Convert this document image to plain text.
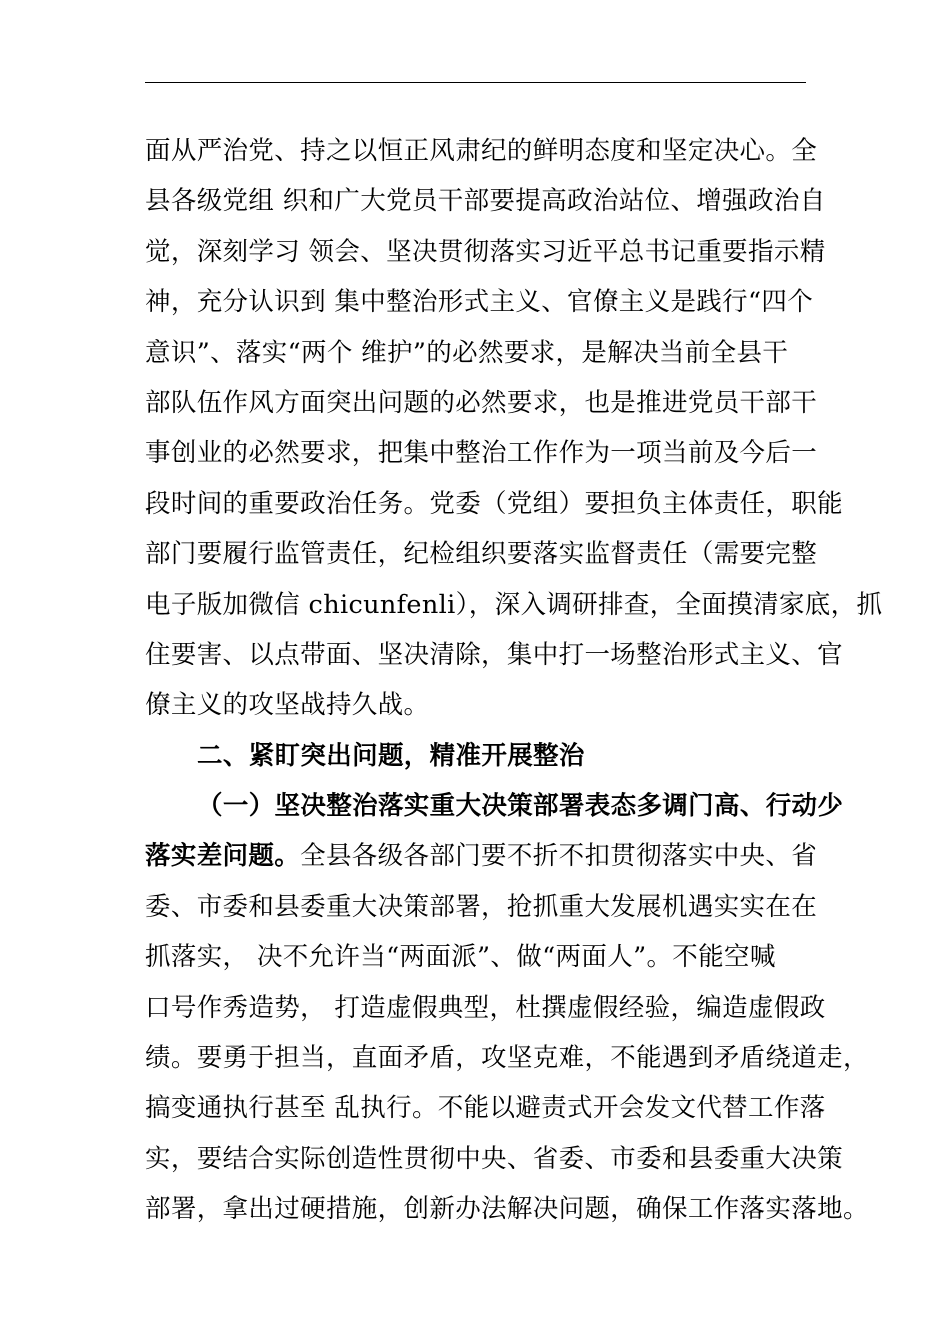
面从严治党、持之以恒正风肃纪的鲜明态度和坚定决心。全
县各级党组 织和广大党员干部要提高政治站位、增强政治自
觉，深刻学习 领会、坚决贯彻落实习近平总书记重要指示精
神，充分认识到 集中整治形式主义、官僚主义是践行“四个
意识”、落实“两个 维护”的必然要求，是解决当前全县干
部队伍作风方面突出问题的必然要求，也是推进党员干部干
事创业的必然要求，把集中整治工作作为一项当前及今后一
段时间的重要政治任务。党委（党组）要担负主体责任，职能
部门要履行监管责任，纪检组织要落实监督责任（需要完整
电子版加微信 chicunfenli），深入调研排查，全面摸清家底，抓
住要害、以点带面、坚决清除，集中打一场整治形式主义、官
僚主义的攻坚战持久战。
二、紧盯突出问题，精准开展整治
（一）坚决整治落实重大决策部署表态多调门高、行动少
落实差问题。全县各级各部门要不折不扣贯彻落实中央、省
委、市委和县委重大决策部署，抢抓重大发展机遇实实在在
抓落实， 决不允许当“两面派”、做“两面人”。不能空喊
口号作秀造势， 打造虚假典型，杜撰虚假经验，编造虚假政
绩。要勇于担当，直面矛盾，攻坚克难，不能遇到矛盾绕道走，
搞变通执行甚至 乱执行。不能以避责式开会发文代替工作落
实，要结合实际创造性贯彻中央、省委、市委和县委重大决策
部署，拿出过硬措施，创新办法解决问题，确保工作落实落地。
